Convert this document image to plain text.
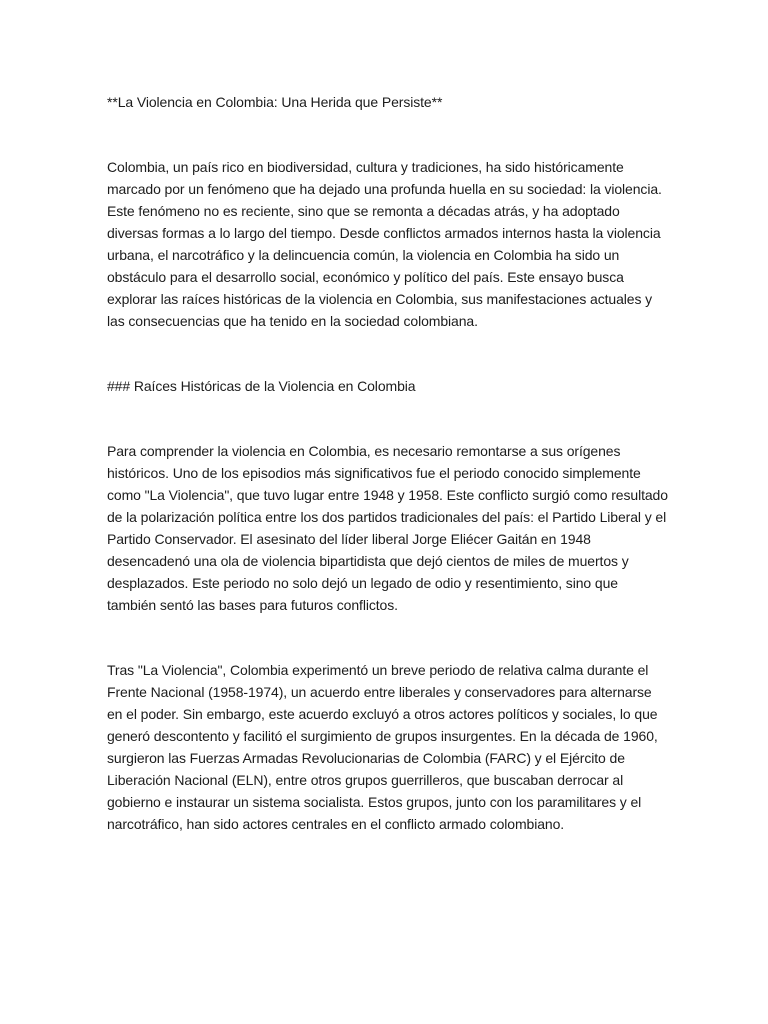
**La Violencia en Colombia: Una Herida que Persiste**

Colombia, un país rico en biodiversidad, cultura y tradiciones, ha sido históricamente marcado por un fenómeno que ha dejado una profunda huella en su sociedad: la violencia. Este fenómeno no es reciente, sino que se remonta a décadas atrás, y ha adoptado diversas formas a lo largo del tiempo. Desde conflictos armados internos hasta la violencia urbana, el narcotráfico y la delincuencia común, la violencia en Colombia ha sido un obstáculo para el desarrollo social, económico y político del país. Este ensayo busca explorar las raíces históricas de la violencia en Colombia, sus manifestaciones actuales y las consecuencias que ha tenido en la sociedad colombiana.

### Raíces Históricas de la Violencia en Colombia

Para comprender la violencia en Colombia, es necesario remontarse a sus orígenes históricos. Uno de los episodios más significativos fue el periodo conocido simplemente como "La Violencia", que tuvo lugar entre 1948 y 1958. Este conflicto surgió como resultado de la polarización política entre los dos partidos tradicionales del país: el Partido Liberal y el Partido Conservador. El asesinato del líder liberal Jorge Eliécer Gaitán en 1948 desencadenó una ola de violencia bipartidista que dejó cientos de miles de muertos y desplazados. Este periodo no solo dejó un legado de odio y resentimiento, sino que también sentó las bases para futuros conflictos.

Tras "La Violencia", Colombia experimentó un breve periodo de relativa calma durante el Frente Nacional (1958-1974), un acuerdo entre liberales y conservadores para alternarse en el poder. Sin embargo, este acuerdo excluyó a otros actores políticos y sociales, lo que generó descontento y facilitó el surgimiento de grupos insurgentes. En la década de 1960, surgieron las Fuerzas Armadas Revolucionarias de Colombia (FARC) y el Ejército de Liberación Nacional (ELN), entre otros grupos guerrilleros, que buscaban derrocar al gobierno e instaurar un sistema socialista. Estos grupos, junto con los paramilitares y el narcotráfico, han sido actores centrales en el conflicto armado colombiano.
